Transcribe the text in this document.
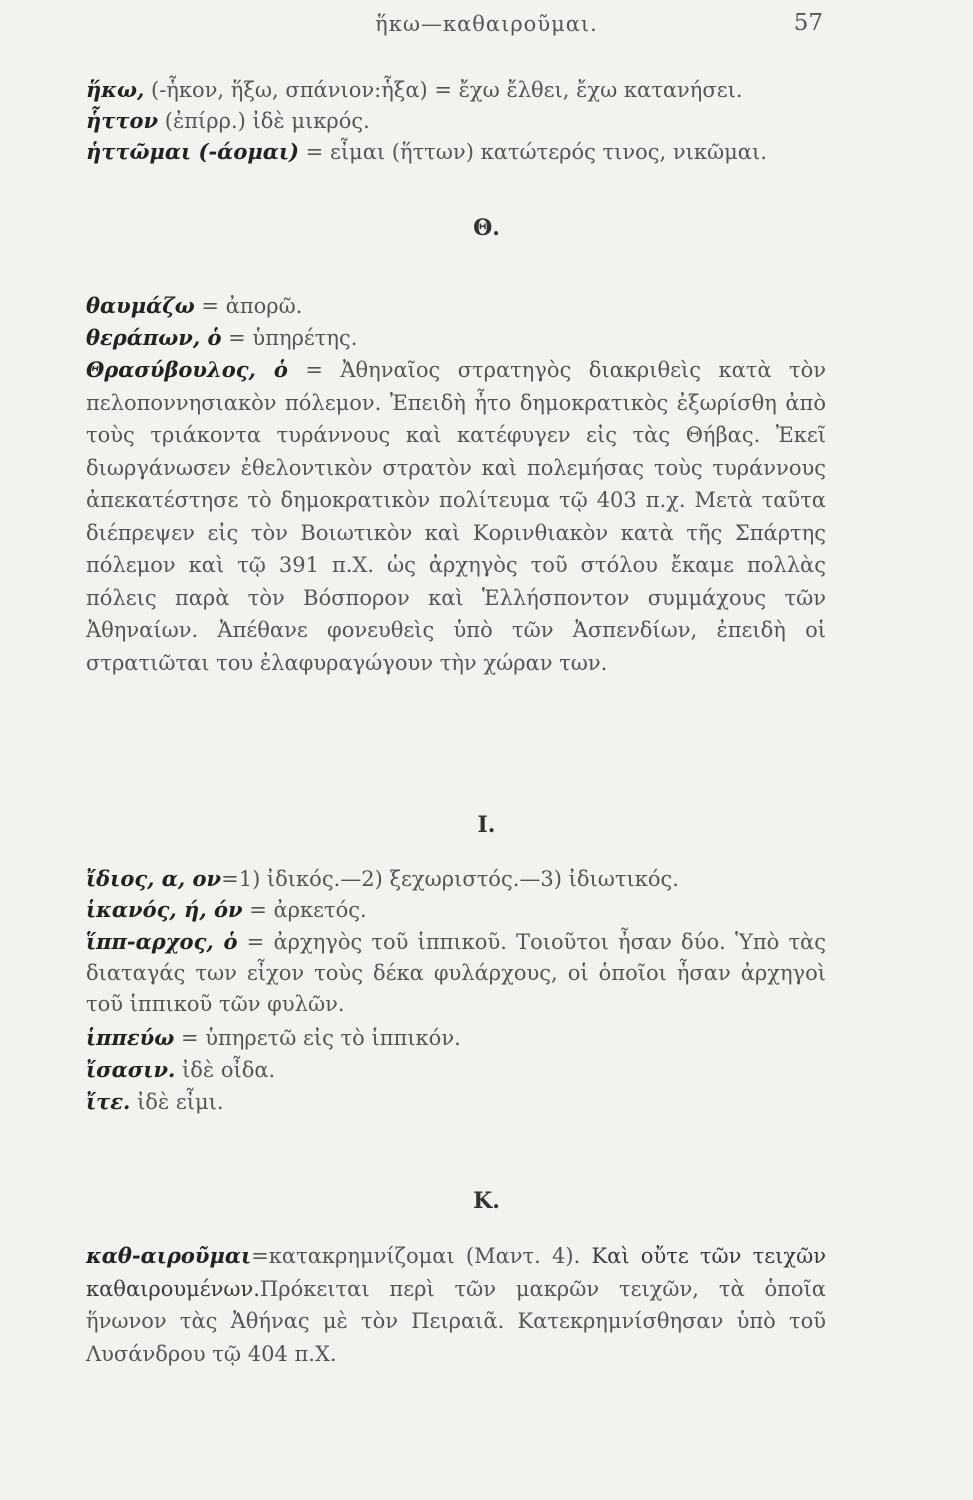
ἥκω—καθαιροῦμαι.	57

ἥκω, (-ἧκον, ἥξω, σπάνιον:ἧξα) = ἔχω ἔλθει, ἔχω κατανήσει.

ἧττον (ἐπίρρ.) ἰδὲ μικρός.

ἡττῶμαι (-άομαι) = εἶμαι (ἥττων) κατώτερός τινος, νικῶμαι.

Θ.

θαυμάζω = ἀπορῶ.

θεράπων, ὁ = ὑπηρέτης.

Θρασύβουλος, ὁ = Ἀθηναῖος στρατηγὸς διακριθεὶς κατὰ τὸν πελοποννησιακὸν πόλεμον. Ἐπειδὴ ἦτο δημοκρατικὸς ἐξωρίσθη ἀπὸ τοὺς τριάκοντα τυράννους καὶ κατέφυγεν εἰς τὰς Θήβας. Ἐκεῖ διωργάνωσεν ἐθελοντικὸν στρατὸν καὶ πολεμήσας τοὺς τυράννους ἀπεκατέστησε τὸ δημοκρατικὸν πολίτευμα τῷ 403 π.χ. Μετὰ ταῦτα διέπρεψεν εἰς τὸν Βοιωτικὸν καὶ Κορινθιακὸν κατὰ τῆς Σπάρτης πόλεμον καὶ τῷ 391 π.Χ. ὡς ἀρχηγὸς τοῦ στόλου ἔκαμε πολλὰς πόλεις παρὰ τὸν Βόσπορον καὶ Ἑλλήσποντον συμμάχους τῶν Ἀθηναίων. Ἀπέθανε φονευθεὶς ὑπὸ τῶν Ἀσπενδίων, ἐπειδὴ οἱ στρατιῶται του ἐλαφυραγώγουν τὴν χώραν των.

Ι.

ἴδιος, α, ον=1) ἰδικός.—2) ξεχωριστός.—3) ἰδιωτικός.

ἱκανός, ή, όν = ἀρκετός.

ἵππ-αρχος, ὁ = ἀρχηγὸς τοῦ ἱππικοῦ. Τοιοῦτοι ἦσαν δύο. Ὑπὸ τὰς διαταγάς των εἶχον τοὺς δέκα φυλάρχους, οἱ ὁποῖοι ἦσαν ἀρχηγοὶ τοῦ ἱππικοῦ τῶν φυλῶν.

ἱππεύω = ὑπηρετῶ εἰς τὸ ἱππικόν.

ἴσασιν. ἰδὲ οἶδα.

ἴτε. ἰδὲ εἶμι.

Κ.

καθ-αιροῦμαι=κατακρημνίζομαι (Μαντ. 4). Καὶ οὔτε τῶν τειχῶν καθαιρουμένων.Πρόκειται περὶ τῶν μακρῶν τειχῶν, τὰ ὁποῖα ἥνωνον τὰς Ἀθήνας μὲ τὸν Πειραιᾶ. Κατεκρημνίσθησαν ὑπὸ τοῦ Λυσάνδρου τῷ 404 π.Χ.
